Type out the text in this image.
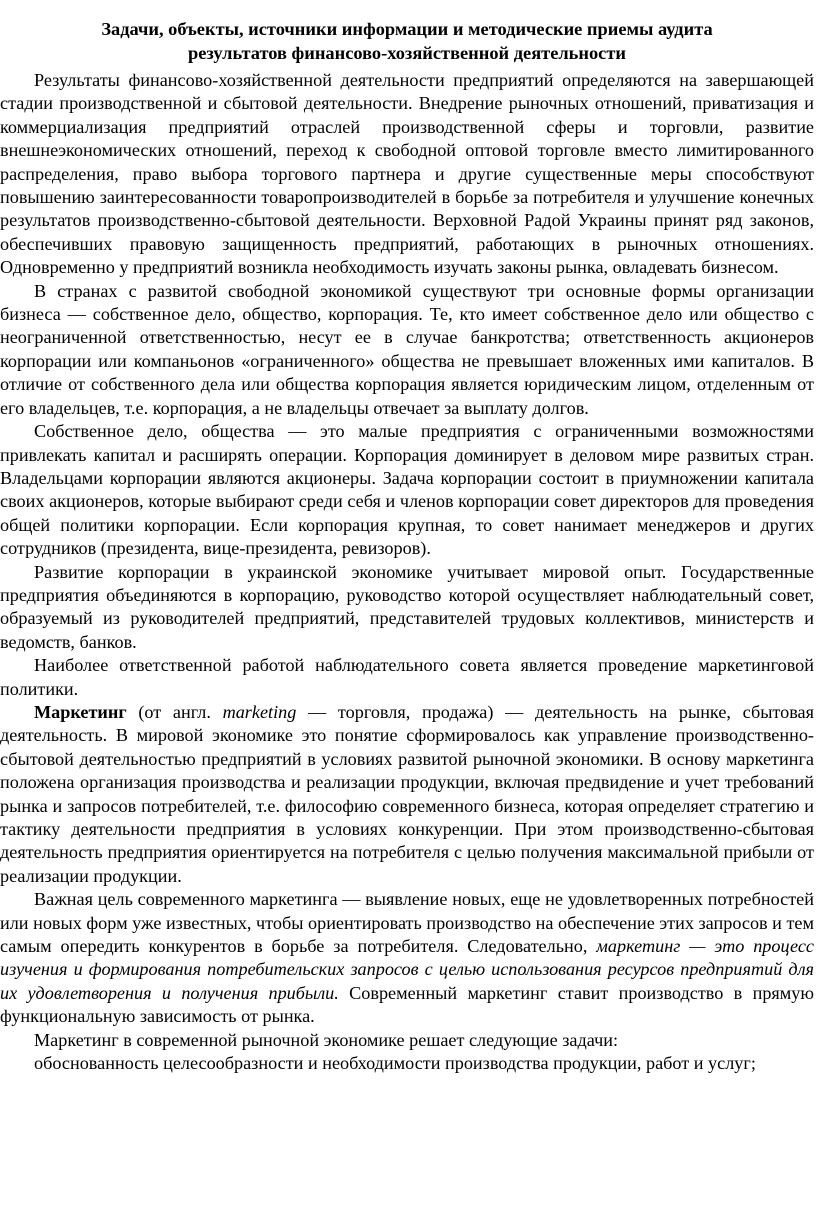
Задачи, объекты, источники информации и методические приемы аудита
результатов финансово-хозяйственной деятельности

Результаты финансово-хозяйственной деятельности предприятий определяются на завершающей стадии производственной и сбытовой деятельности. Внедрение рыночных отношений, приватизация и коммерциализация предприятий отраслей производственной сферы и торговли, развитие внешнеэкономических отношений, переход к свободной оптовой торговле вместо лимитированного распределения, право выбора торгового партнера и другие существенные меры способствуют повышению заинтересованности товаропроизводителей в борьбе за потребителя и улучшение конечных результатов производственно-сбытовой деятельности. Верховной Радой Украины принят ряд законов, обеспечивших правовую защищенность предприятий, работающих в рыночных отношениях. Одновременно у предприятий возникла необходимость изучать законы рынка, овладевать бизнесом.

В странах с развитой свободной экономикой существуют три основные формы организации бизнеса — собственное дело, общество, корпорация. Те, кто имеет собственное дело или общество с неограниченной ответственностью, несут ее в случае банкротства; ответственность акционеров корпорации или компаньонов «ограниченного» общества не превышает вложенных ими капиталов. В отличие от собственного дела или общества корпорация является юридическим лицом, отделенным от его владельцев, т.е. корпорация, а не владельцы отвечает за выплату долгов.

Собственное дело, общества — это малые предприятия с ограниченными возможностями привлекать капитал и расширять операции. Корпорация доминирует в деловом мире развитых стран. Владельцами корпорации являются акционеры. Задача корпорации состоит в приумножении капитала своих акционеров, которые выбирают среди себя и членов корпорации совет директоров для проведения общей политики корпорации. Если корпорация крупная, то совет нанимает менеджеров и других сотрудников (президента, вице-президента, ревизоров).

Развитие корпорации в украинской экономике учитывает мировой опыт. Государственные предприятия объединяются в корпорацию, руководство которой осуществляет наблюдательный совет, образуемый из руководителей предприятий, представителей трудовых коллективов, министерств и ведомств, банков.

Наиболее ответственной работой наблюдательного совета является проведение маркетинговой политики.

Маркетинг (от англ. marketing — торговля, продажа) — деятельность на рынке, сбытовая деятельность. В мировой экономике это понятие сформировалось как управление производственно-сбытовой деятельностью предприятий в условиях развитой рыночной экономики. В основу маркетинга положена организация производства и реализации продукции, включая предвидение и учет требований рынка и запросов потребителей, т.е. философию современного бизнеса, которая определяет стратегию и тактику деятельности предприятия в условиях конкуренции. При этом производственно-сбытовая деятельность предприятия ориентируется на потребителя с целью получения максимальной прибыли от реализации продукции.

Важная цель современного маркетинга — выявление новых, еще не удовлетворенных потребностей или новых форм уже известных, чтобы ориентировать производство на обеспечение этих запросов и тем самым опередить конкурентов в борьбе за потребителя. Следовательно, маркетинг — это процесс изучения и формирования потребительских запросов с целью использования ресурсов предприятий для их удовлетворения и получения прибыли. Современный маркетинг ставит производство в прямую функциональную зависимость от рынка.

Маркетинг в современной рыночной экономике решает следующие задачи:

обоснованность целесообразности и необходимости производства продукции, работ и услуг;
